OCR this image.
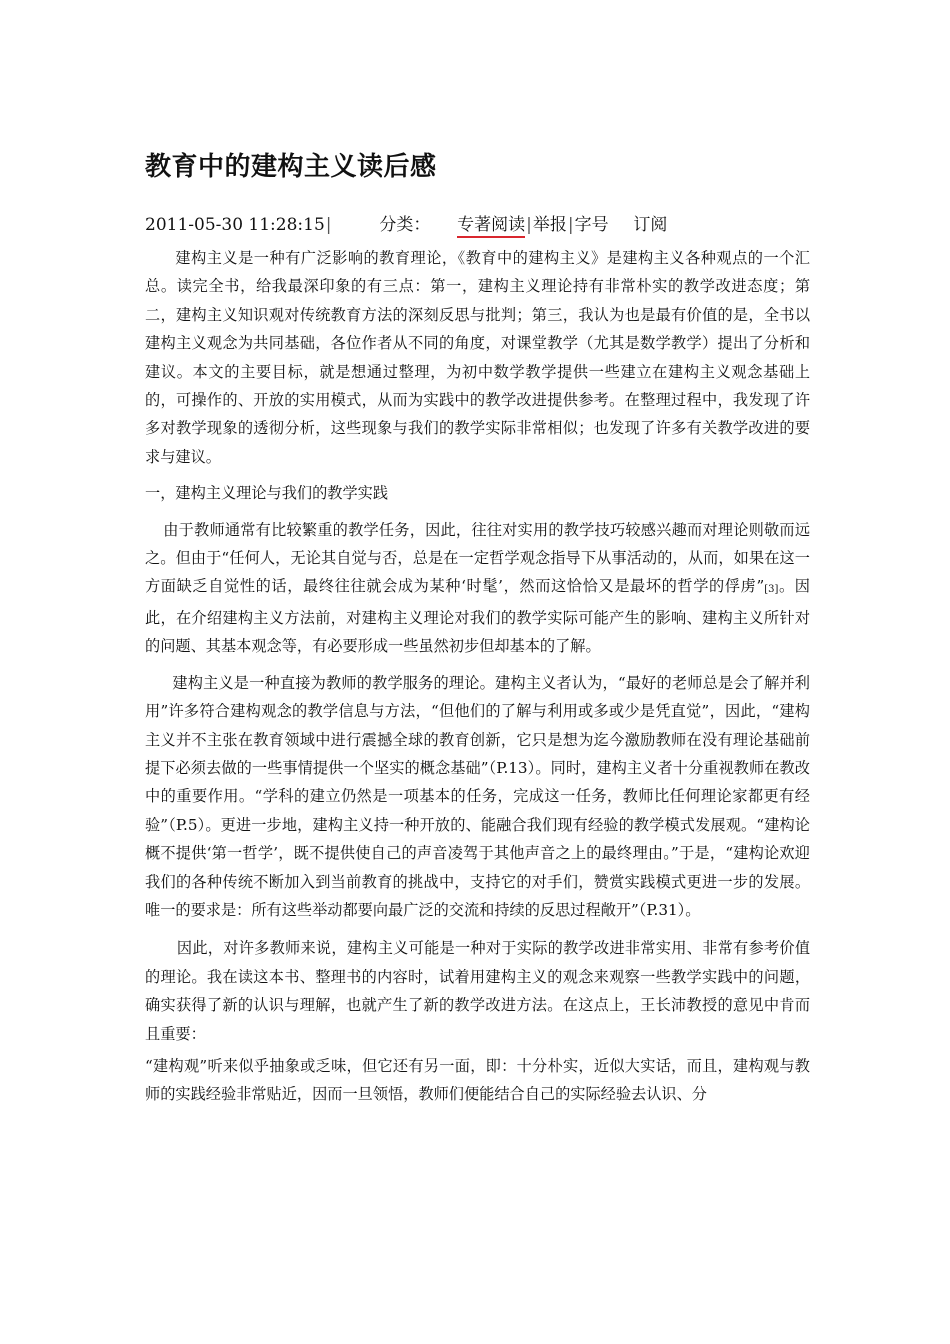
教育中的建构主义读后感
2011-05-30 11:28:15|	分类： 专著阅读|举报|字号 订阅

建构主义是一种有广泛影响的教育理论，《教育中的建构主义》是建构主义各种观点的一个汇总。读完全书，给我最深印象的有三点：第一，建构主义理论持有非常朴实的教学改进态度；第二，建构主义知识观对传统教育方法的深刻反思与批判；第三，我认为也是最有价值的是，全书以建构主义观念为共同基础，各位作者从不同的角度，对课堂教学（尤其是数学教学）提出了分析和建议。本文的主要目标，就是想通过整理，为初中数学教学提供一些建立在建构主义观念基础上的，可操作的、开放的实用模式，从而为实践中的教学改进提供参考。在整理过程中，我发现了许多对教学现象的透彻分析，这些现象与我们的教学实际非常相似；也发现了许多有关教学改进的要求与建议。

一，建构主义理论与我们的教学实践

由于教师通常有比较繁重的教学任务，因此，往往对实用的教学技巧较感兴趣而对理论则敬而远之。但由于“任何人，无论其自觉与否，总是在一定哲学观念指导下从事活动的，从而，如果在这一方面缺乏自觉性的话，最终往往就会成为某种‘时髦’，然而这恰恰又是最坏的哲学的俘虏”[3]。因此，在介绍建构主义方法前，对建构主义理论对我们的教学实际可能产生的影响、建构主义所针对的问题、其基本观念等，有必要形成一些虽然初步但却基本的了解。

建构主义是一种直接为教师的教学服务的理论。建构主义者认为，“最好的老师总是会了解并利用”许多符合建构观念的教学信息与方法，“但他们的了解与利用或多或少是凭直觉”，因此，“建构主义并不主张在教育领域中进行震撼全球的教育创新，它只是想为迄今激励教师在没有理论基础前提下必须去做的一些事情提供一个坚实的概念基础”（P.13）。同时，建构主义者十分重视教师在教改中的重要作用。“学科的建立仍然是一项基本的任务，完成这一任务，教师比任何理论家都更有经验”（P.5）。更进一步地，建构主义持一种开放的、能融合我们现有经验的教学模式发展观。“建构论概不提供‘第一哲学’，既不提供使自己的声音凌驾于其他声音之上的最终理由。”于是，“建构论欢迎我们的各种传统不断加入到当前教育的挑战中，支持它的对手们，赞赏实践模式更进一步的发展。唯一的要求是：所有这些举动都要向最广泛的交流和持续的反思过程敞开”（P.31）。

因此，对许多教师来说，建构主义可能是一种对于实际的教学改进非常实用、非常有参考价值的理论。我在读这本书、整理书的内容时，试着用建构主义的观念来观察一些教学实践中的问题，确实获得了新的认识与理解，也就产生了新的教学改进方法。在这点上，王长沛教授的意见中肯而且重要：

“建构观”听来似乎抽象或乏味，但它还有另一面，即：十分朴实，近似大实话，而且，建构观与教师的实践经验非常贴近，因而一旦领悟，教师们便能结合自己的实际经验去认识、分
